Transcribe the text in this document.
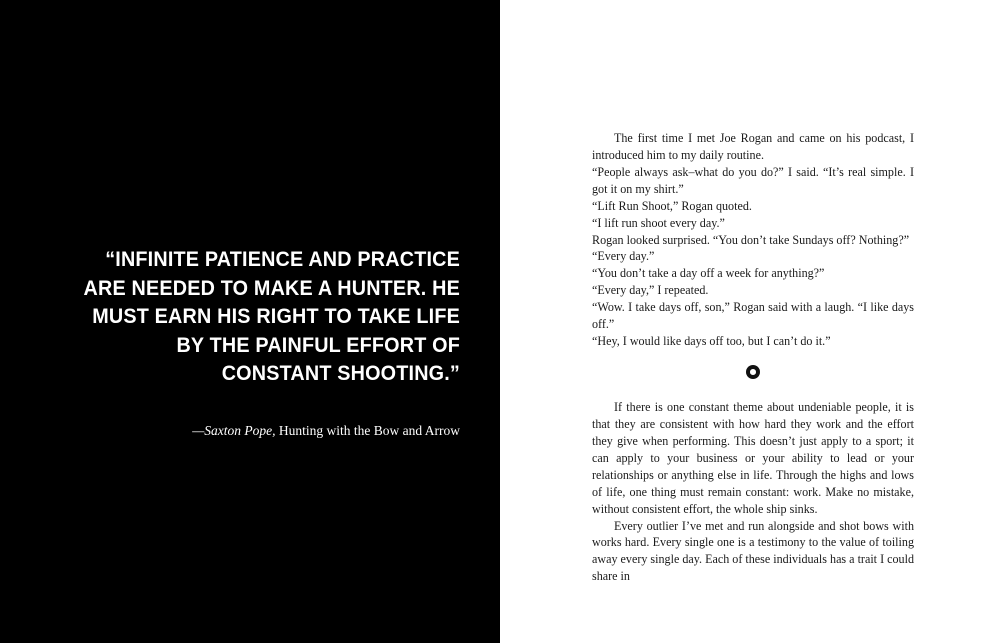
“INFINITE PATIENCE AND PRACTICE ARE NEEDED TO MAKE A HUNTER. HE MUST EARN HIS RIGHT TO TAKE LIFE BY THE PAINFUL EFFORT OF CONSTANT SHOOTING.”

—Saxton Pope, Hunting with the Bow and Arrow

The first time I met Joe Rogan and came on his podcast, I introduced him to my daily routine.

“People always ask–what do you do?” I said. “It’s real simple. I got it on my shirt.”

“Lift Run Shoot,” Rogan quoted.

“I lift run shoot every day.”

Rogan looked surprised. “You don’t take Sundays off? Nothing?”

“Every day.”

“You don’t take a day off a week for anything?”

“Every day,” I repeated.

“Wow. I take days off, son,” Rogan said with a laugh. “I like days off.”

“Hey, I would like days off too, but I can’t do it.”

If there is one constant theme about undeniable people, it is that they are consistent with how hard they work and the effort they give when performing. This doesn’t just apply to a sport; it can apply to your business or your ability to lead or your relationships or anything else in life. Through the highs and lows of life, one thing must remain constant: work. Make no mistake, without consistent effort, the whole ship sinks.

Every outlier I’ve met and run alongside and shot bows with works hard. Every single one is a testimony to the value of toiling away every single day. Each of these individuals has a trait I could share in
